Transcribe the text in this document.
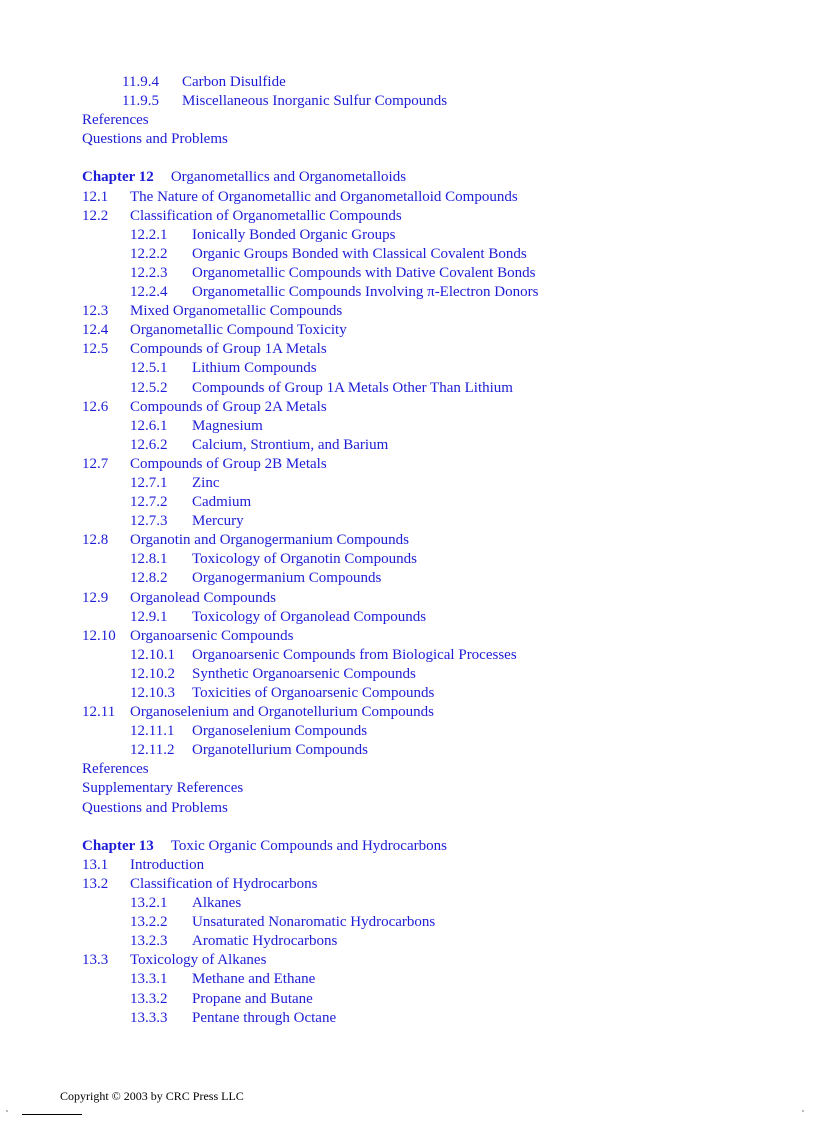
11.9.4	Carbon Disulfide
11.9.5	Miscellaneous Inorganic Sulfur Compounds
References
Questions and Problems
Chapter 12 Organometallics and Organometalloids
12.1	The Nature of Organometallic and Organometalloid Compounds
12.2	Classification of Organometallic Compounds
12.2.1	Ionically Bonded Organic Groups
12.2.2	Organic Groups Bonded with Classical Covalent Bonds
12.2.3	Organometallic Compounds with Dative Covalent Bonds
12.2.4	Organometallic Compounds Involving π-Electron Donors
12.3	Mixed Organometallic Compounds
12.4	Organometallic Compound Toxicity
12.5	Compounds of Group 1A Metals
12.5.1	Lithium Compounds
12.5.2	Compounds of Group 1A Metals Other Than Lithium
12.6	Compounds of Group 2A Metals
12.6.1	Magnesium
12.6.2	Calcium, Strontium, and Barium
12.7	Compounds of Group 2B Metals
12.7.1	Zinc
12.7.2	Cadmium
12.7.3	Mercury
12.8	Organotin and Organogermanium Compounds
12.8.1	Toxicology of Organotin Compounds
12.8.2	Organogermanium Compounds
12.9	Organolead Compounds
12.9.1	Toxicology of Organolead Compounds
12.10 Organoarsenic Compounds
12.10.1	Organoarsenic Compounds from Biological Processes
12.10.2	Synthetic Organoarsenic Compounds
12.10.3	Toxicities of Organoarsenic Compounds
12.11 Organoselenium and Organotellurium Compounds
12.11.1	Organoselenium Compounds
12.11.2	Organotellurium Compounds
References
Supplementary References
Questions and Problems
Chapter 13 Toxic Organic Compounds and Hydrocarbons
13.1	Introduction
13.2	Classification of Hydrocarbons
13.2.1	Alkanes
13.2.2	Unsaturated Nonaromatic Hydrocarbons
13.2.3	Aromatic Hydrocarbons
13.3	Toxicology of Alkanes
13.3.1	Methane and Ethane
13.3.2	Propane and Butane
13.3.3	Pentane through Octane
Copyright © 2003 by CRC Press LLC
